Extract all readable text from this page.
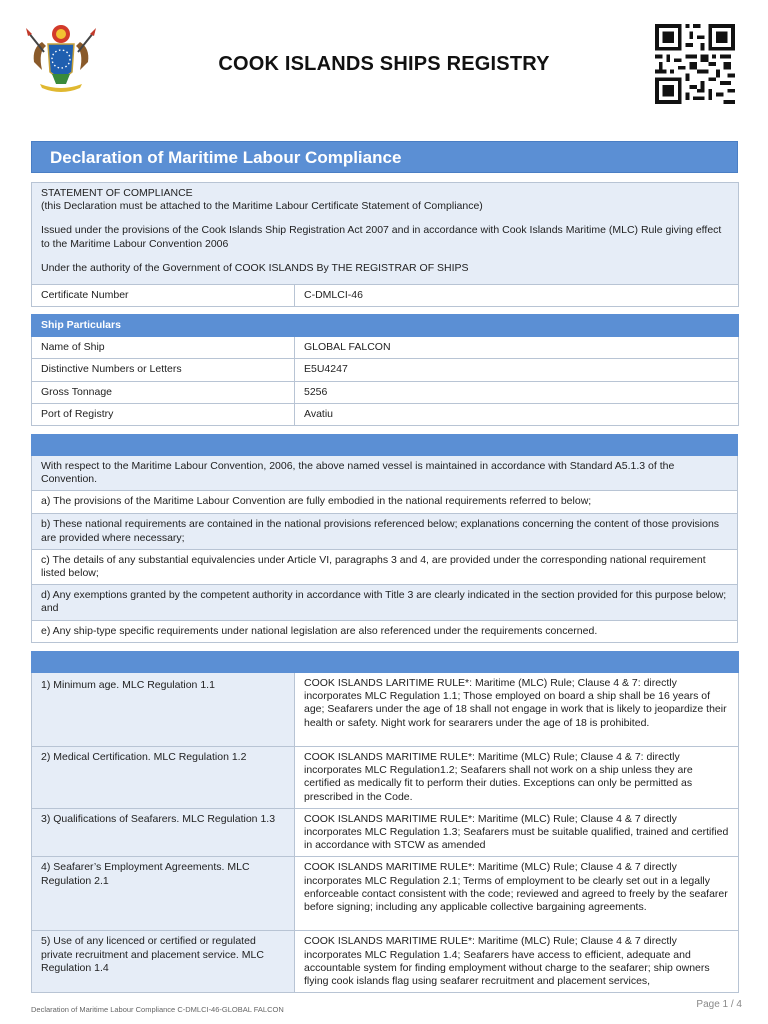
COOK ISLANDS SHIPS REGISTRY
Declaration of Maritime Labour Compliance
STATEMENT OF COMPLIANCE
(this Declaration must be attached to the Maritime Labour Certificate Statement of Compliance)
Issued under the provisions of the Cook Islands Ship Registration Act 2007 and in accordance with Cook Islands Maritime (MLC) Rule giving effect to the Maritime Labour Convention 2006
Under the authority of the Government of COOK ISLANDS By THE REGISTRAR OF SHIPS

Certificate Number	C-DMLCI-46
Ship Particulars	
Name of Ship	GLOBAL FALCON
Distinctive Numbers or Letters	E5U4247
Gross Tonnage	5256
Port of Registry	Avatiu

With respect to the Maritime Labour Convention, 2006, the above named vessel is maintained in accordance with Standard A5.1.3 of the Convention.
a) The provisions of the Maritime Labour Convention are fully embodied in the national requirements referred to below;
b) These national requirements are contained in the national provisions referenced below; explanations concerning the content of those provisions are provided where necessary;
c) The details of any substantial equivalencies under Article VI, paragraphs 3 and 4, are provided under the corresponding national requirement listed below;
d) Any exemptions granted by the competent authority in accordance with Title 3 are clearly indicated in the section provided for this purpose below; and
e) Any ship-type specific requirements under national legislation are also referenced under the requirements concerned.

1) Minimum age. MLC Regulation 1.1	COOK ISLANDS LARITIME RULE*: Maritime (MLC) Rule; Clause 4 & 7: directly incorporates MLC Regulation 1.1; Those employed on board a ship shall be 16 years of age; Seafarers under the age of 18 shall not engage in work that is likely to jeopardize their health or safety. Night work for seararers under the age of 18 is prohibited.
2) Medical Certification. MLC Regulation 1.2	COOK ISLANDS MARITIME RULE*: Maritime (MLC) Rule; Clause 4 & 7: directly incorporates MLC Regulation1.2; Seafarers shall not work on a ship unless they are certified as medically fit to perform their duties. Exceptions can only be permitted as prescribed in the Code.
3) Qualifications of Seafarers. MLC Regulation 1.3	COOK ISLANDS MARITIME RULE*: Maritime (MLC) Rule; Clause 4 & 7 directly incorporates MLC Regulation 1.3; Seafarers must be suitable qualified, trained and certified in accordance with STCW as amended
4) Seafarer’s Employment Agreements. MLC Regulation 2.1	COOK ISLANDS MARITIME RULE*: Maritime (MLC) Rule; Clause 4 & 7 directly incorporates MLC Regulation 2.1; Terms of employment to be clearly set out in a legally enforceable contact consistent with the code; reviewed and agreed to freely by the seafarer before signing; including any applicable collective bargaining agreements.
5) Use of any licenced or certified or regulated private recruitment and placement service. MLC Regulation 1.4	COOK ISLANDS MARITIME RULE*: Maritime (MLC) Rule; Clause 4 & 7 directly incorporates MLC Regulation 1.4; Seafarers have access to efficient, adequate and accountable system for finding employment without charge to the seafarer; ship owners flying cook islands flag using seafarer recruitment and placement services,
Declaration of Maritime Labour Compliance C-DMLCI-46-GLOBAL FALCON	Page 1 / 4
